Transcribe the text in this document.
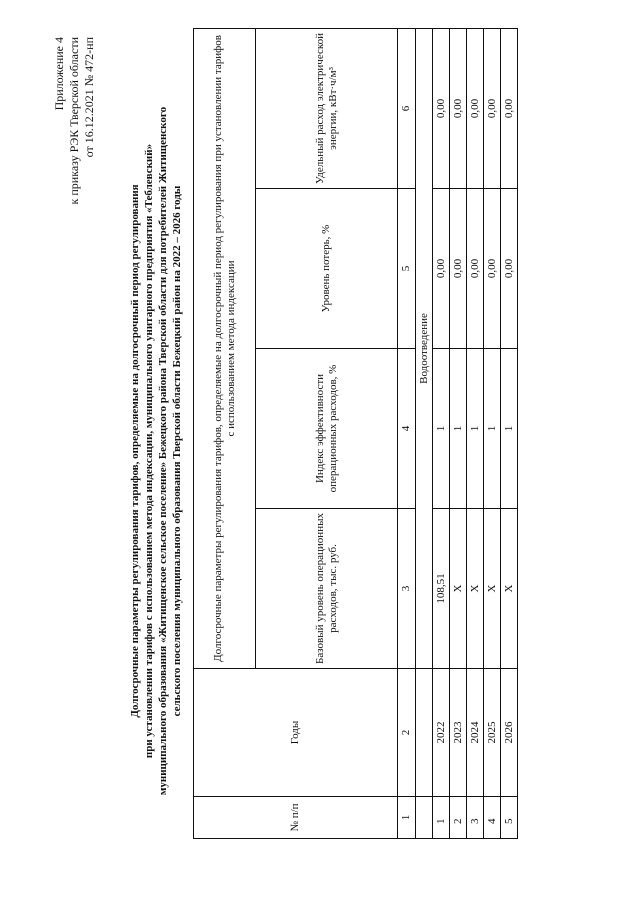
Приложение 4 к приказу РЭК Тверской области от 16.12.2021 № 472-нп
Долгосрочные параметры регулирования тарифов, определяемые на долгосрочный период регулирования при установлении тарифов с использованием метода индексации, муниципального унитарного предприятия «Теблевский» муниципального образования «Житищенское сельское поселение» Бежецкого района Тверской области для потребителей Житищенского сельского поселения муниципального образования Тверской области Бежецкий район на 2022 – 2026 годы
№ п/п	Годы	Долгосрочные параметры регулирования тарифов, определяемые на долгосрочный период регулирования при установлении тарифов с использованием метода индексации			
		Базовый уровень операционных расходов, тыс. руб.	Индекс эффективности операционных расходов, %	Уровень потерь, %	Удельный расход электрической энергии, кВт·ч/м³
1	2	3	4	5	6
		Водоотведение			
1	2022	108,51	1	0,00	0,00
2	2023	Х	1	0,00	0,00
3	2024	Х	1	0,00	0,00
4	2025	Х	1	0,00	0,00
5	2026	Х	1	0,00	0,00
